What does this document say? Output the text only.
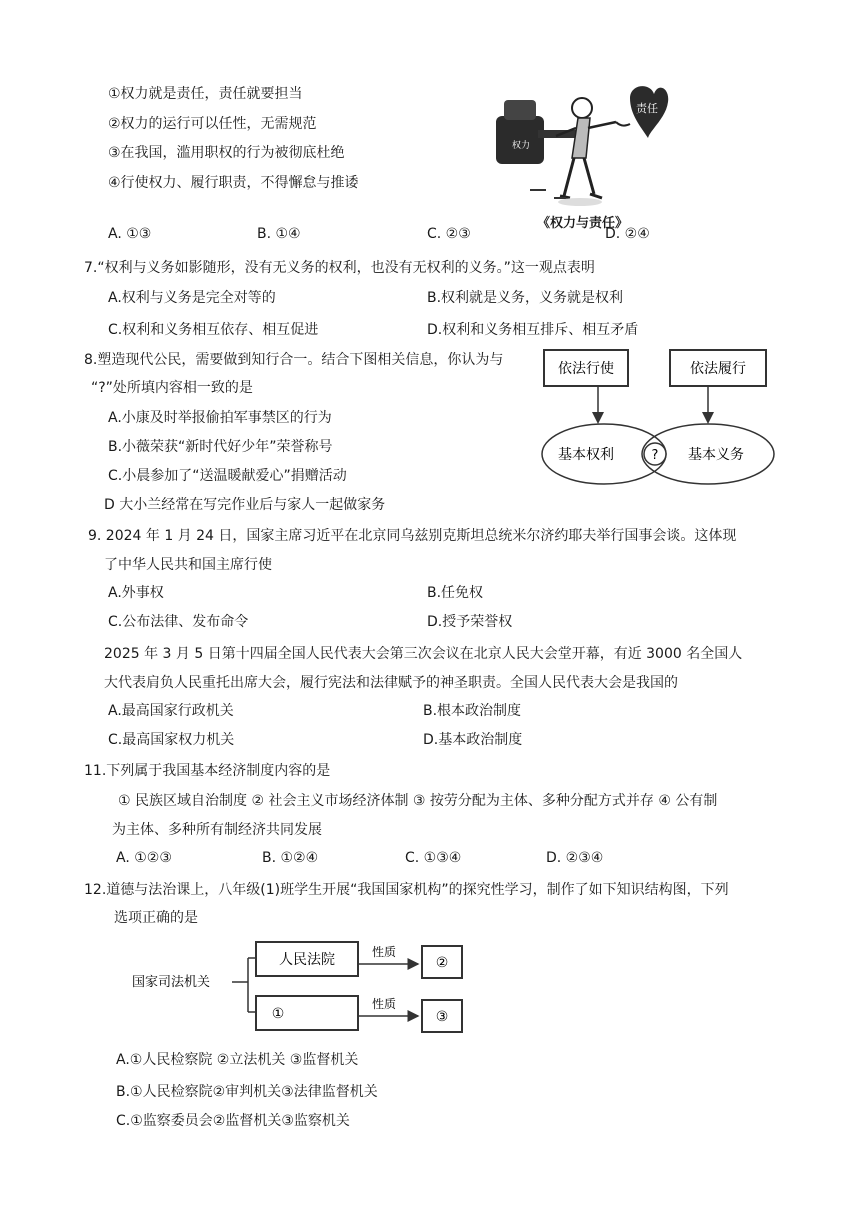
①权力就是责任，责任就要担当
②权力的运行可以任性，无需规范
③在我国，滥用职权的行为被彻底杜绝
④行使权力、履行职责，不得懈怠与推诿
权力
责任
《权力与责任》
A. ①③	B. ①④	C. ②③	D. ②④
7.“权利与义务如影随形，没有无义务的权利，也没有无权利的义务。”这一观点表明
A.权利与义务是完全对等的	B.权利就是义务，义务就是权利
C.权利和义务相互依存、相互促进	D.权利和义务相互排斥、相互矛盾
8.塑造现代公民，需要做到知行合一。结合下图相关信息，你认为与
“?”处所填内容相一致的是
A.小康及时举报偷拍军事禁区的行为
B.小薇荣获“新时代好少年”荣誉称号
C.小晨参加了“送温暖献爱心”捐赠活动
D 大小兰经常在写完作业后与家人一起做家务
依法行使	依法履行
基本权利	基本义务
?
9. 2024 年 1 月 24 日，国家主席习近平在北京同乌兹别克斯坦总统米尔济约耶夫举行国事会谈。这体现
了中华人民共和国主席行使
A.外事权	B.任免权
C.公布法律、发布命令	D.授予荣誉权
2025 年 3 月 5 日第十四届全国人民代表大会第三次会议在北京人民大会堂开幕，有近 3000 名全国人
大代表肩负人民重托出席大会，履行宪法和法律赋予的神圣职责。全国人民代表大会是我国的
A.最高国家行政机关	B.根本政治制度
C.最高国家权力机关	D.基本政治制度
11.下列属于我国基本经济制度内容的是
① 民族区域自治制度 ② 社会主义市场经济体制 ③ 按劳分配为主体、多种分配方式并存 ④ 公有制
为主体、多种所有制经济共同发展
A. ①②③	B. ①②④	C. ①③④	D. ②③④
12.道德与法治课上，八年级(1)班学生开展“我国国家机构”的探究性学习，制作了如下知识结构图，下列
选项正确的是
国家司法机关
人民法院
①
性质
性质
②
③
A.①人民检察院 ②立法机关 ③监督机关
B.①人民检察院②审判机关③法律监督机关
C.①监察委员会②监督机关③监察机关
